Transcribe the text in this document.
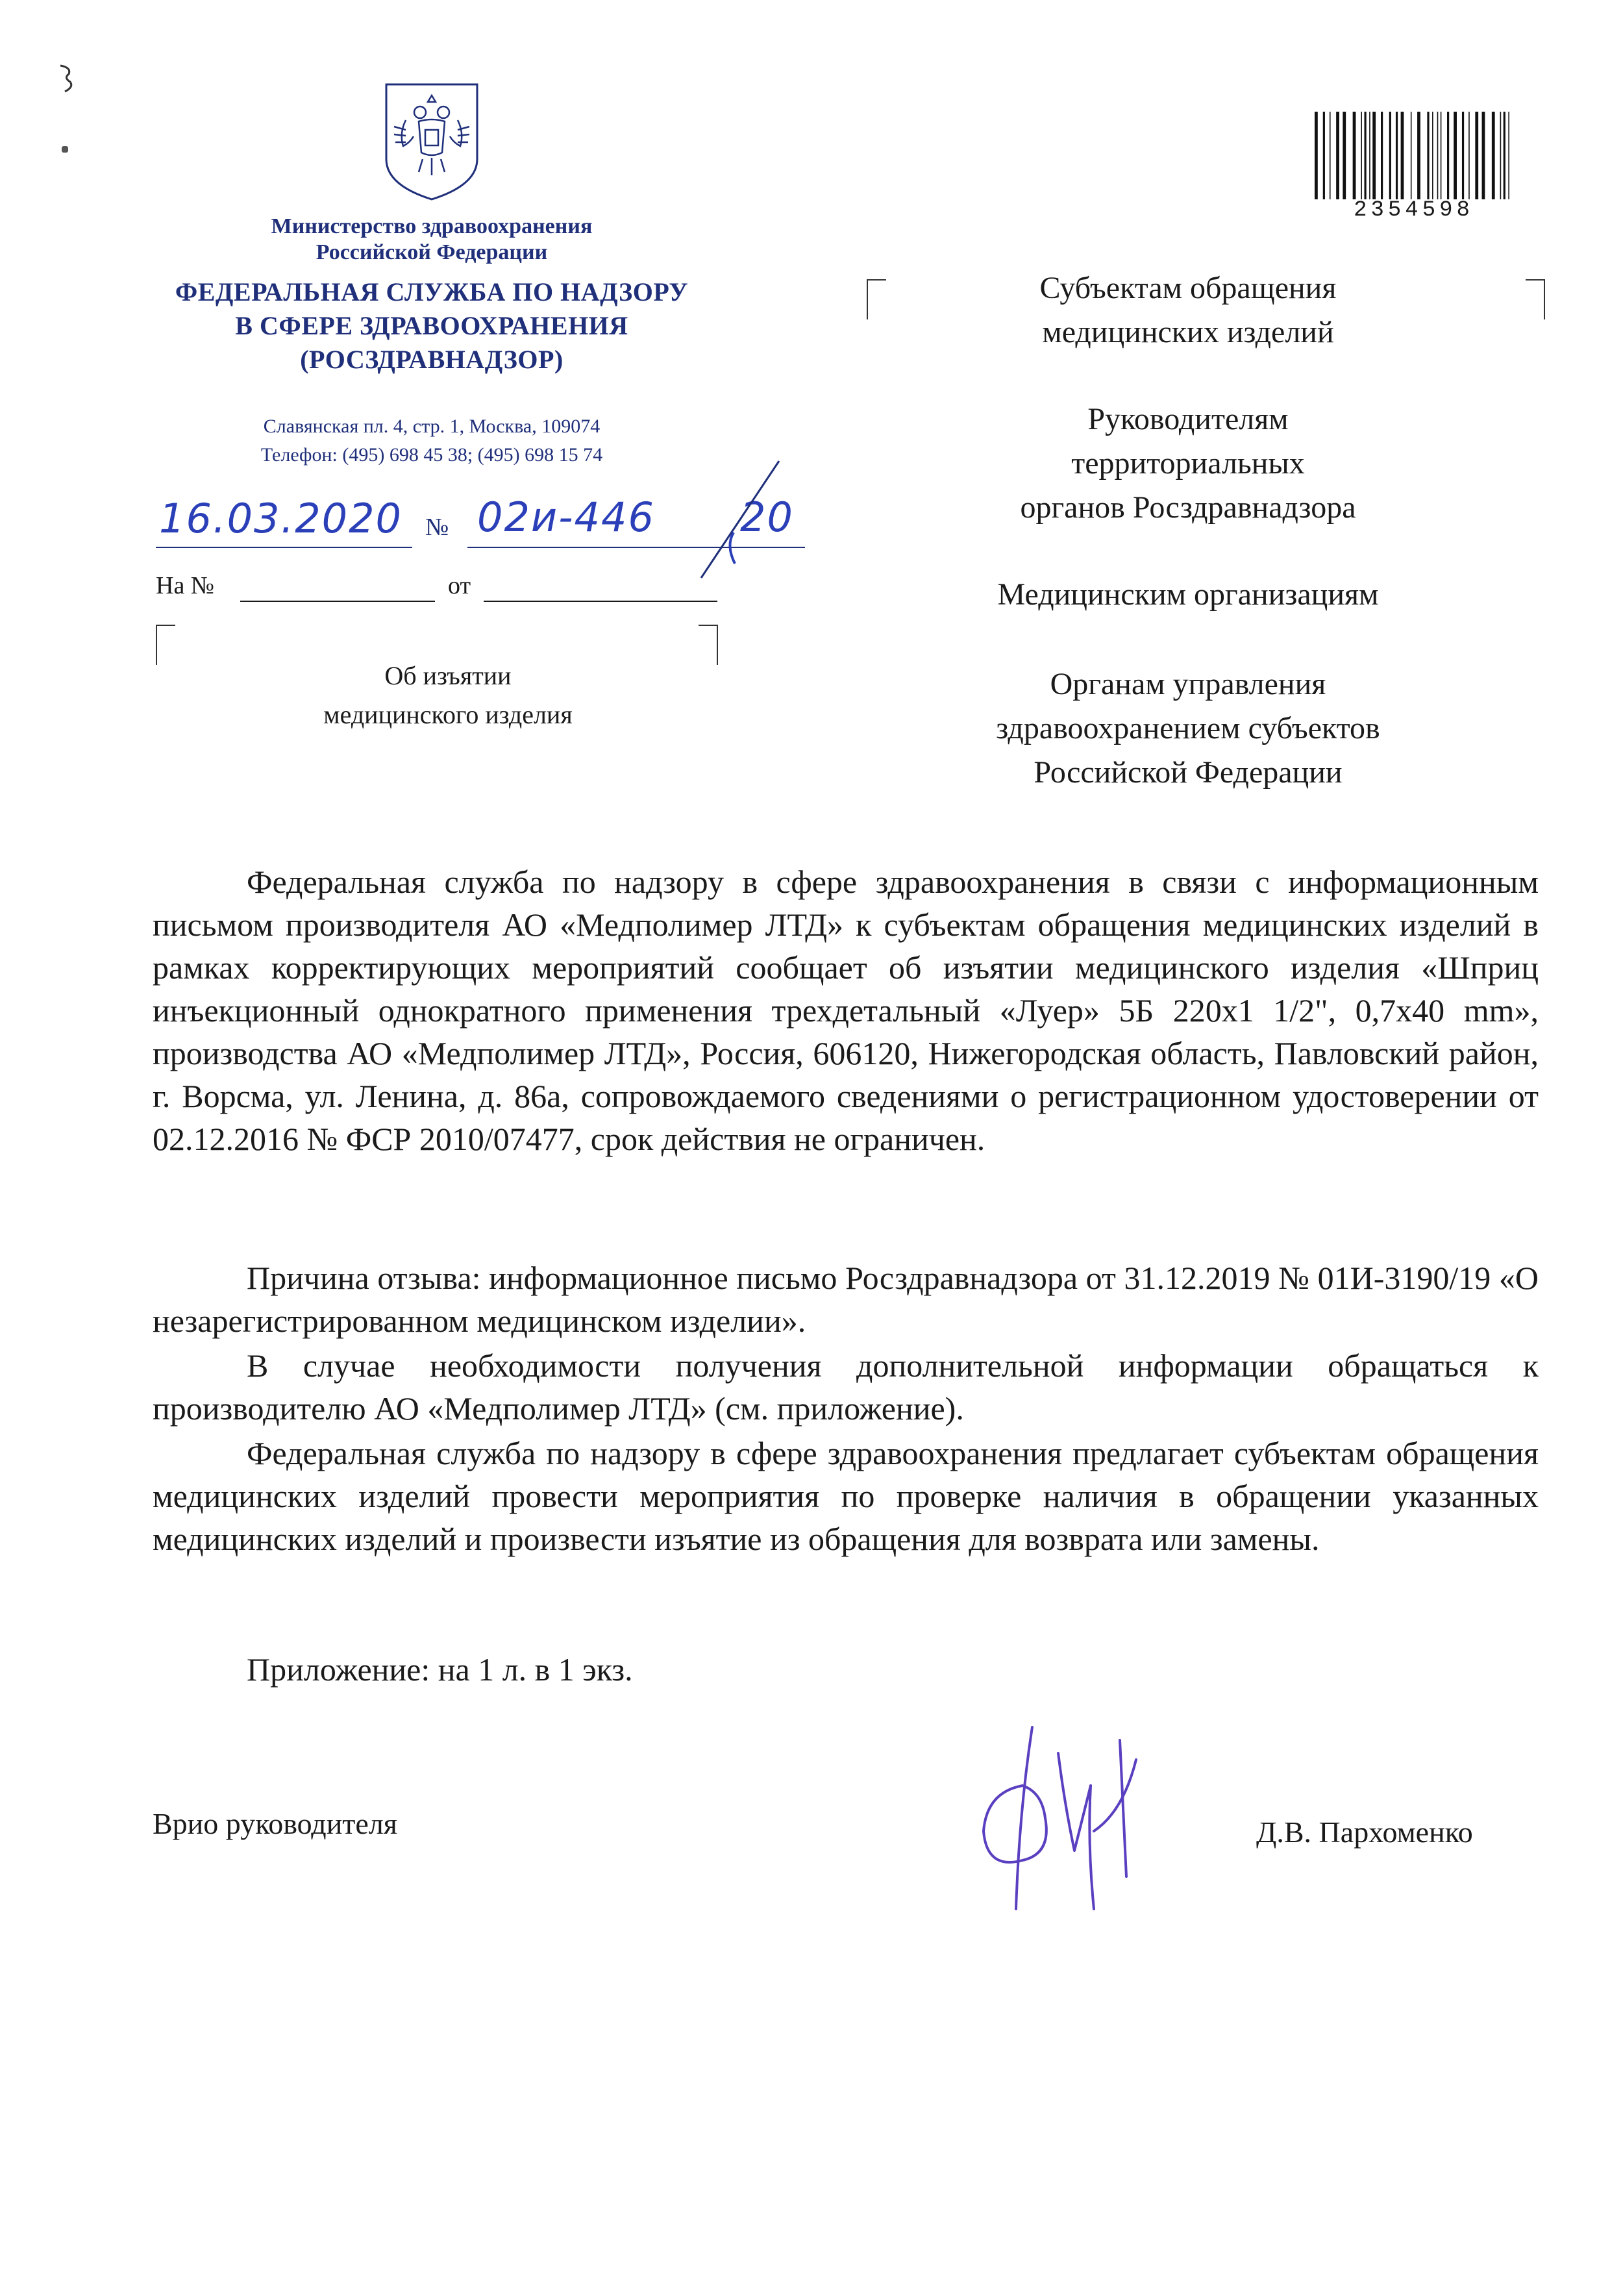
Министерство здравоохранения
Российской Федерации
ФЕДЕРАЛЬНАЯ СЛУЖБА ПО НАДЗОРУ
В СФЕРЕ ЗДРАВООХРАНЕНИЯ
(РОСЗДРАВНАДЗОР)
Славянская пл. 4, стр. 1, Москва, 109074
Телефон: (495) 698 45 38; (495) 698 15 74
16.03.2020 № 02и-446 20
На №	от
Об изъятии
медицинского изделия
2354598
Субъектам обращения
медицинских изделий
Руководителям
территориальных
органов Росздравнадзора
Медицинским организациям
Органам управления
здравоохранением субъектов
Российской Федерации
Федеральная служба по надзору в сфере здравоохранения в связи с информационным письмом производителя АО «Медполимер ЛТД» к субъектам обращения медицинских изделий в рамках корректирующих мероприятий сообщает об изъятии медицинского изделия «Шприц инъекционный однократного применения трехдетальный «Луер» 5Б 220x1 1/2", 0,7x40 mm», производства АО «Медполимер ЛТД», Россия, 606120, Нижегородская область, Павловский район, г. Ворсма, ул. Ленина, д. 86а, сопровождаемого сведениями о регистрационном удостоверении от 02.12.2016 № ФСР 2010/07477, срок действия не ограничен.
Причина отзыва: информационное письмо Росздравнадзора от 31.12.2019 № 01И-3190/19 «О незарегистрированном медицинском изделии».
В случае необходимости получения дополнительной информации обращаться к производителю АО «Медполимер ЛТД» (см. приложение).
Федеральная служба по надзору в сфере здравоохранения предлагает субъектам обращения медицинских изделий провести мероприятия по проверке наличия в обращении указанных медицинских изделий и произвести изъятие из обращения для возврата или замены.
Приложение: на 1 л. в 1 экз.
Врио руководителя	Д.В. Пархоменко
